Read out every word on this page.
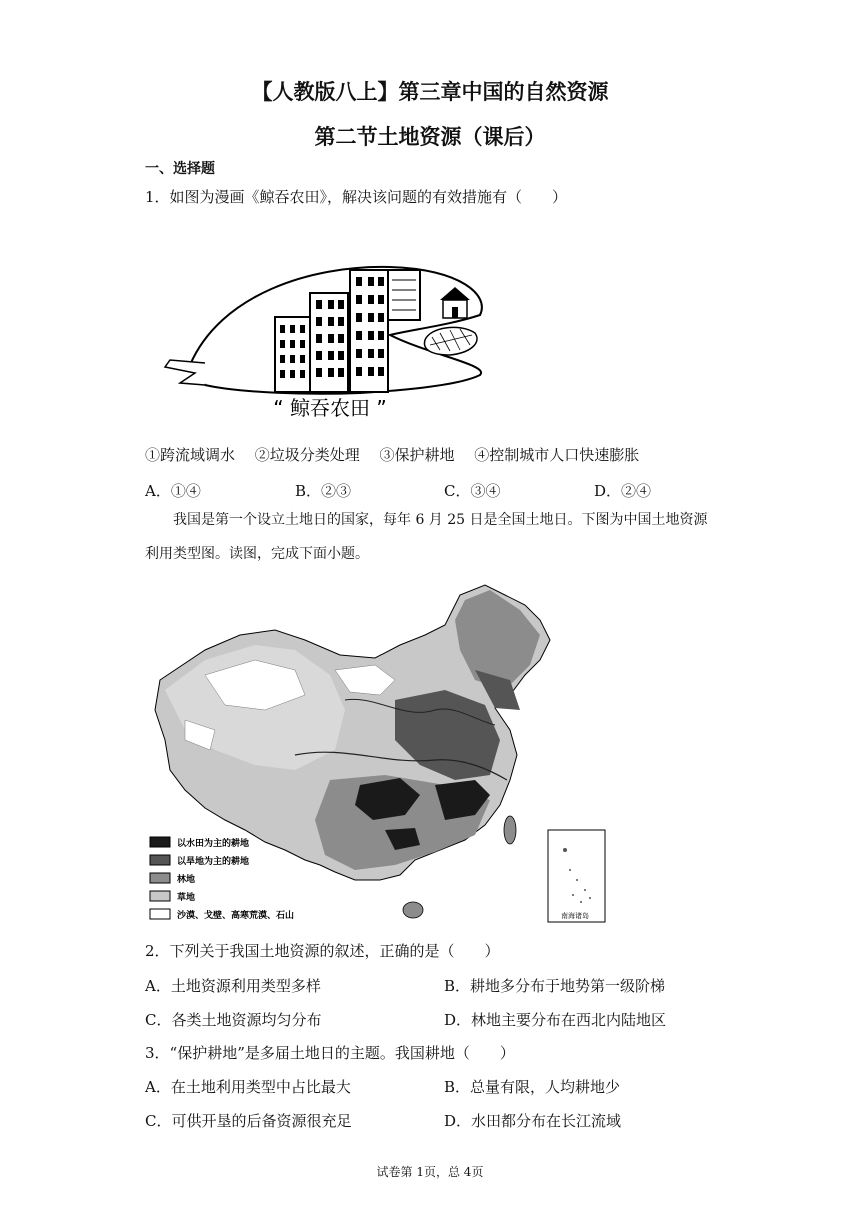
【人教版八上】第三章中国的自然资源
第二节土地资源（课后）
一、选择题
1．如图为漫画《鲸吞农田》，解决该问题的有效措施有（　　）
“ 鲸吞农田 ”
①跨流域调水　 ②垃圾分类处理　 ③保护耕地　 ④控制城市人口快速膨胀
A．①④	B．②③	C．③④	D．②④
我国是第一个设立土地日的国家，每年 6 月 25 日是全国土地日。下图为中国土地资源利用类型图。读图，完成下面小题。
以水田为主的耕地
以旱地为主的耕地
林地
草地
沙漠、戈壁、高寒荒漠、石山	南海诸岛
2．下列关于我国土地资源的叙述，正确的是（　　）
A．土地资源利用类型多样	B．耕地多分布于地势第一级阶梯
C．各类土地资源均匀分布	D．林地主要分布在西北内陆地区
3．“保护耕地”是多届土地日的主题。我国耕地（　　）
A．在土地利用类型中占比最大	B．总量有限，人均耕地少
C．可供开垦的后备资源很充足	D．水田都分布在长江流域
试卷第 1页，总 4页
